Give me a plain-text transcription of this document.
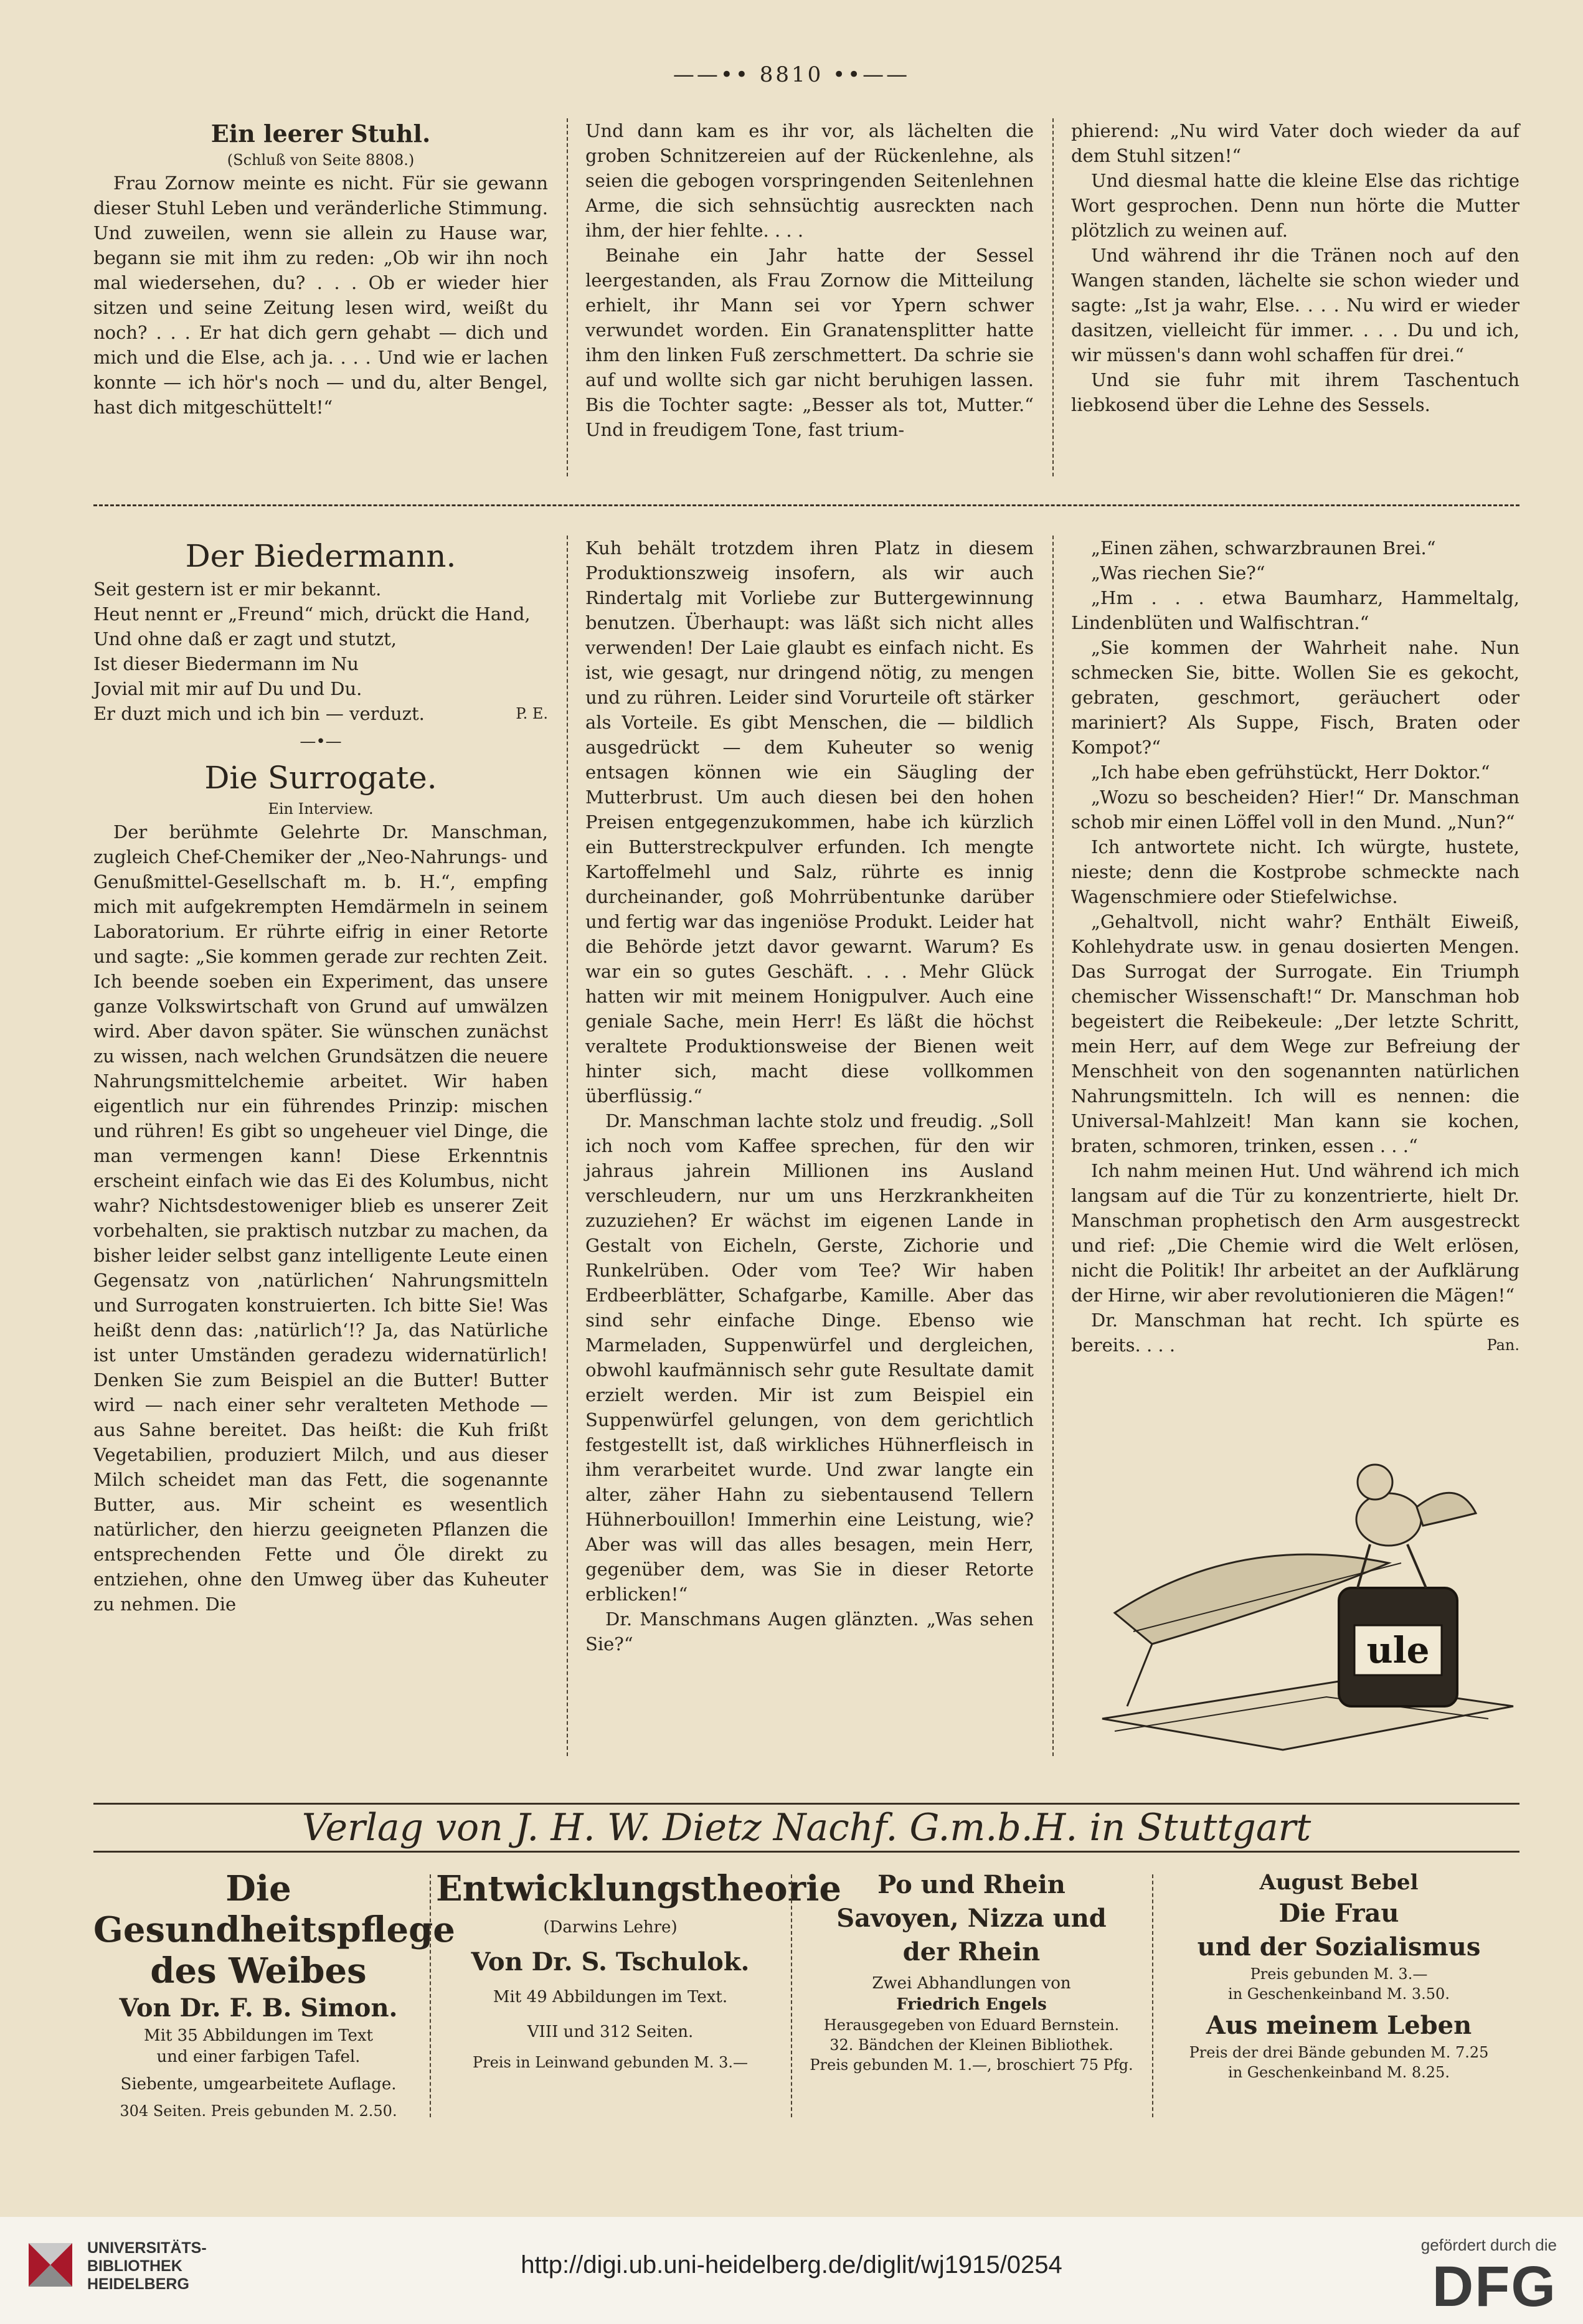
——•• 8810 ••——

Ein leerer Stuhl.

(Schluß von Seite 8808.)

Frau Zornow meinte es nicht. Für sie gewann dieser Stuhl Leben und veränderliche Stimmung. Und zuweilen, wenn sie allein zu Hause war, begann sie mit ihm zu reden: „Ob wir ihn noch mal wiedersehen, du? . . . Ob er wieder hier sitzen und seine Zeitung lesen wird, weißt du noch? . . . Er hat dich gern gehabt — dich und mich und die Else, ach ja. . . . Und wie er lachen konnte — ich hör's noch — und du, alter Bengel, hast dich mitgeschüttelt!“

Und dann kam es ihr vor, als lächelten die groben Schnitzereien auf der Rückenlehne, als seien die gebogen vorspringenden Seitenlehnen Arme, die sich sehnsüchtig ausreckten nach ihm, der hier fehlte. . . .

Beinahe ein Jahr hatte der Sessel leergestanden, als Frau Zornow die Mitteilung erhielt, ihr Mann sei vor Ypern schwer verwundet worden. Ein Granatensplitter hatte ihm den linken Fuß zerschmettert. Da schrie sie auf und wollte sich gar nicht beruhigen lassen. Bis die Tochter sagte: „Besser als tot, Mutter.“ Und in freudigem Tone, fast trium-

phierend: „Nu wird Vater doch wieder da auf dem Stuhl sitzen!“

Und diesmal hatte die kleine Else das richtige Wort gesprochen. Denn nun hörte die Mutter plötzlich zu weinen auf.

Und während ihr die Tränen noch auf den Wangen standen, lächelte sie schon wieder und sagte: „Ist ja wahr, Else. . . . Nu wird er wieder dasitzen, vielleicht für immer. . . . Du und ich, wir müssen's dann wohl schaffen für drei.“

Und sie fuhr mit ihrem Taschentuch liebkosend über die Lehne des Sessels.

Der Biedermann.

Seit gestern ist er mir bekannt.

Heut nennt er „Freund“ mich, drückt die Hand,

Und ohne daß er zagt und stutzt,

Ist dieser Biedermann im Nu

Jovial mit mir auf Du und Du.

Er duzt mich und ich bin — verduzt.	P. E.

—•—

Die Surrogate.

Ein Interview.

Der berühmte Gelehrte Dr. Manschman, zugleich Chef-Chemiker der „Neo-Nahrungs- und Genußmittel-Gesellschaft m. b. H.“, empfing mich mit aufgekrempten Hemdärmeln in seinem Laboratorium. Er rührte eifrig in einer Retorte und sagte: „Sie kommen gerade zur rechten Zeit. Ich beende soeben ein Experiment, das unsere ganze Volkswirtschaft von Grund auf umwälzen wird. Aber davon später. Sie wünschen zunächst zu wissen, nach welchen Grundsätzen die neuere Nahrungsmittelchemie arbeitet. Wir haben eigentlich nur ein führendes Prinzip: mischen und rühren! Es gibt so ungeheuer viel Dinge, die man vermengen kann! Diese Erkenntnis erscheint einfach wie das Ei des Kolumbus, nicht wahr? Nichtsdestoweniger blieb es unserer Zeit vorbehalten, sie praktisch nutzbar zu machen, da bisher leider selbst ganz intelligente Leute einen Gegensatz von ‚natürlichen‘ Nahrungsmitteln und Surrogaten konstruierten. Ich bitte Sie! Was heißt denn das: ‚natürlich‘!? Ja, das Natürliche ist unter Umständen geradezu widernatürlich! Denken Sie zum Beispiel an die Butter! Butter wird — nach einer sehr veralteten Methode — aus Sahne bereitet. Das heißt: die Kuh frißt Vegetabilien, produziert Milch, und aus dieser Milch scheidet man das Fett, die sogenannte Butter, aus. Mir scheint es wesentlich natürlicher, den hierzu geeigneten Pflanzen die entsprechenden Fette und Öle direkt zu entziehen, ohne den Umweg über das Kuheuter zu nehmen. Die

Kuh behält trotzdem ihren Platz in diesem Produktionszweig insofern, als wir auch Rindertalg mit Vorliebe zur Buttergewinnung benutzen. Überhaupt: was läßt sich nicht alles verwenden! Der Laie glaubt es einfach nicht. Es ist, wie gesagt, nur dringend nötig, zu mengen und zu rühren. Leider sind Vorurteile oft stärker als Vorteile. Es gibt Menschen, die — bildlich ausgedrückt — dem Kuheuter so wenig entsagen können wie ein Säugling der Mutterbrust. Um auch diesen bei den hohen Preisen entgegenzukommen, habe ich kürzlich ein Butterstreckpulver erfunden. Ich mengte Kartoffelmehl und Salz, rührte es innig durcheinander, goß Mohrrübentunke darüber und fertig war das ingeniöse Produkt. Leider hat die Behörde jetzt davor gewarnt. Warum? Es war ein so gutes Geschäft. . . . Mehr Glück hatten wir mit meinem Honigpulver. Auch eine geniale Sache, mein Herr! Es läßt die höchst veraltete Produktionsweise der Bienen weit hinter sich, macht diese vollkommen überflüssig.“

Dr. Manschman lachte stolz und freudig. „Soll ich noch vom Kaffee sprechen, für den wir jahraus jahrein Millionen ins Ausland verschleudern, nur um uns Herzkrankheiten zuzuziehen? Er wächst im eigenen Lande in Gestalt von Eicheln, Gerste, Zichorie und Runkelrüben. Oder vom Tee? Wir haben Erdbeerblätter, Schafgarbe, Kamille. Aber das sind sehr einfache Dinge. Ebenso wie Marmeladen, Suppenwürfel und dergleichen, obwohl kaufmännisch sehr gute Resultate damit erzielt werden. Mir ist zum Beispiel ein Suppenwürfel gelungen, von dem gerichtlich festgestellt ist, daß wirkliches Hühnerfleisch in ihm verarbeitet wurde. Und zwar langte ein alter, zäher Hahn zu siebentausend Tellern Hühnerbouillon! Immerhin eine Leistung, wie? Aber was will das alles besagen, mein Herr, gegenüber dem, was Sie in dieser Retorte erblicken!“

Dr. Manschmans Augen glänzten. „Was sehen Sie?“

„Einen zähen, schwarzbraunen Brei.“

„Was riechen Sie?“

„Hm . . . etwa Baumharz, Hammeltalg, Lindenblüten und Walfischtran.“

„Sie kommen der Wahrheit nahe. Nun schmecken Sie, bitte. Wollen Sie es gekocht, gebraten, geschmort, geräuchert oder mariniert? Als Suppe, Fisch, Braten oder Kompot?“

„Ich habe eben gefrühstückt, Herr Doktor.“

„Wozu so bescheiden? Hier!“ Dr. Manschman schob mir einen Löffel voll in den Mund. „Nun?“

Ich antwortete nicht. Ich würgte, hustete, nieste; denn die Kostprobe schmeckte nach Wagenschmiere oder Stiefelwichse.

„Gehaltvoll, nicht wahr? Enthält Eiweiß, Kohlehydrate usw. in genau dosierten Mengen. Das Surrogat der Surrogate. Ein Triumph chemischer Wissenschaft!“ Dr. Manschman hob begeistert die Reibekeule: „Der letzte Schritt, mein Herr, auf dem Wege zur Befreiung der Menschheit von den sogenannten natürlichen Nahrungsmitteln. Ich will es nennen: die Universal-Mahlzeit! Man kann sie kochen, braten, schmoren, trinken, essen . . .“

Ich nahm meinen Hut. Und während ich mich langsam auf die Tür zu konzentrierte, hielt Dr. Manschman prophetisch den Arm ausgestreckt und rief: „Die Chemie wird die Welt erlösen, nicht die Politik! Ihr arbeitet an der Aufklärung der Hirne, wir aber revolutionieren die Mägen!“

Dr. Manschman hat recht. Ich spürte es bereits. . . .	Pan.

ule
Verlag von J. H. W. Dietz Nachf. G.m.b.H. in Stuttgart
Die Gesundheitspflege
des Weibes
Von Dr. F. B. Simon.
Mit 35 Abbildungen im Text
und einer farbigen Tafel.
Siebente, umgearbeitete Auflage.
304 Seiten. Preis gebunden M. 2.50.
Entwicklungstheorie
(Darwins Lehre)
Von Dr. S. Tschulok.
Mit 49 Abbildungen im Text.
VIII und 312 Seiten.
Preis in Leinwand gebunden M. 3.—
Po und Rhein
Savoyen, Nizza und
der Rhein
Zwei Abhandlungen von
Friedrich Engels
Herausgegeben von Eduard Bernstein.
32. Bändchen der Kleinen Bibliothek.
Preis gebunden M. 1.—, broschiert 75 Pfg.
August Bebel
Die Frau
und der Sozialismus
Preis gebunden M. 3.—
in Geschenkeinband M. 3.50.
Aus meinem Leben
Preis der drei Bände gebunden M. 7.25
in Geschenkeinband M. 8.25.
UNIVERSITÄTS-
BIBLIOTHEK
HEIDELBERG
http://digi.ub.uni-heidelberg.de/diglit/wj1915/0254
gefördert durch die
DFG
